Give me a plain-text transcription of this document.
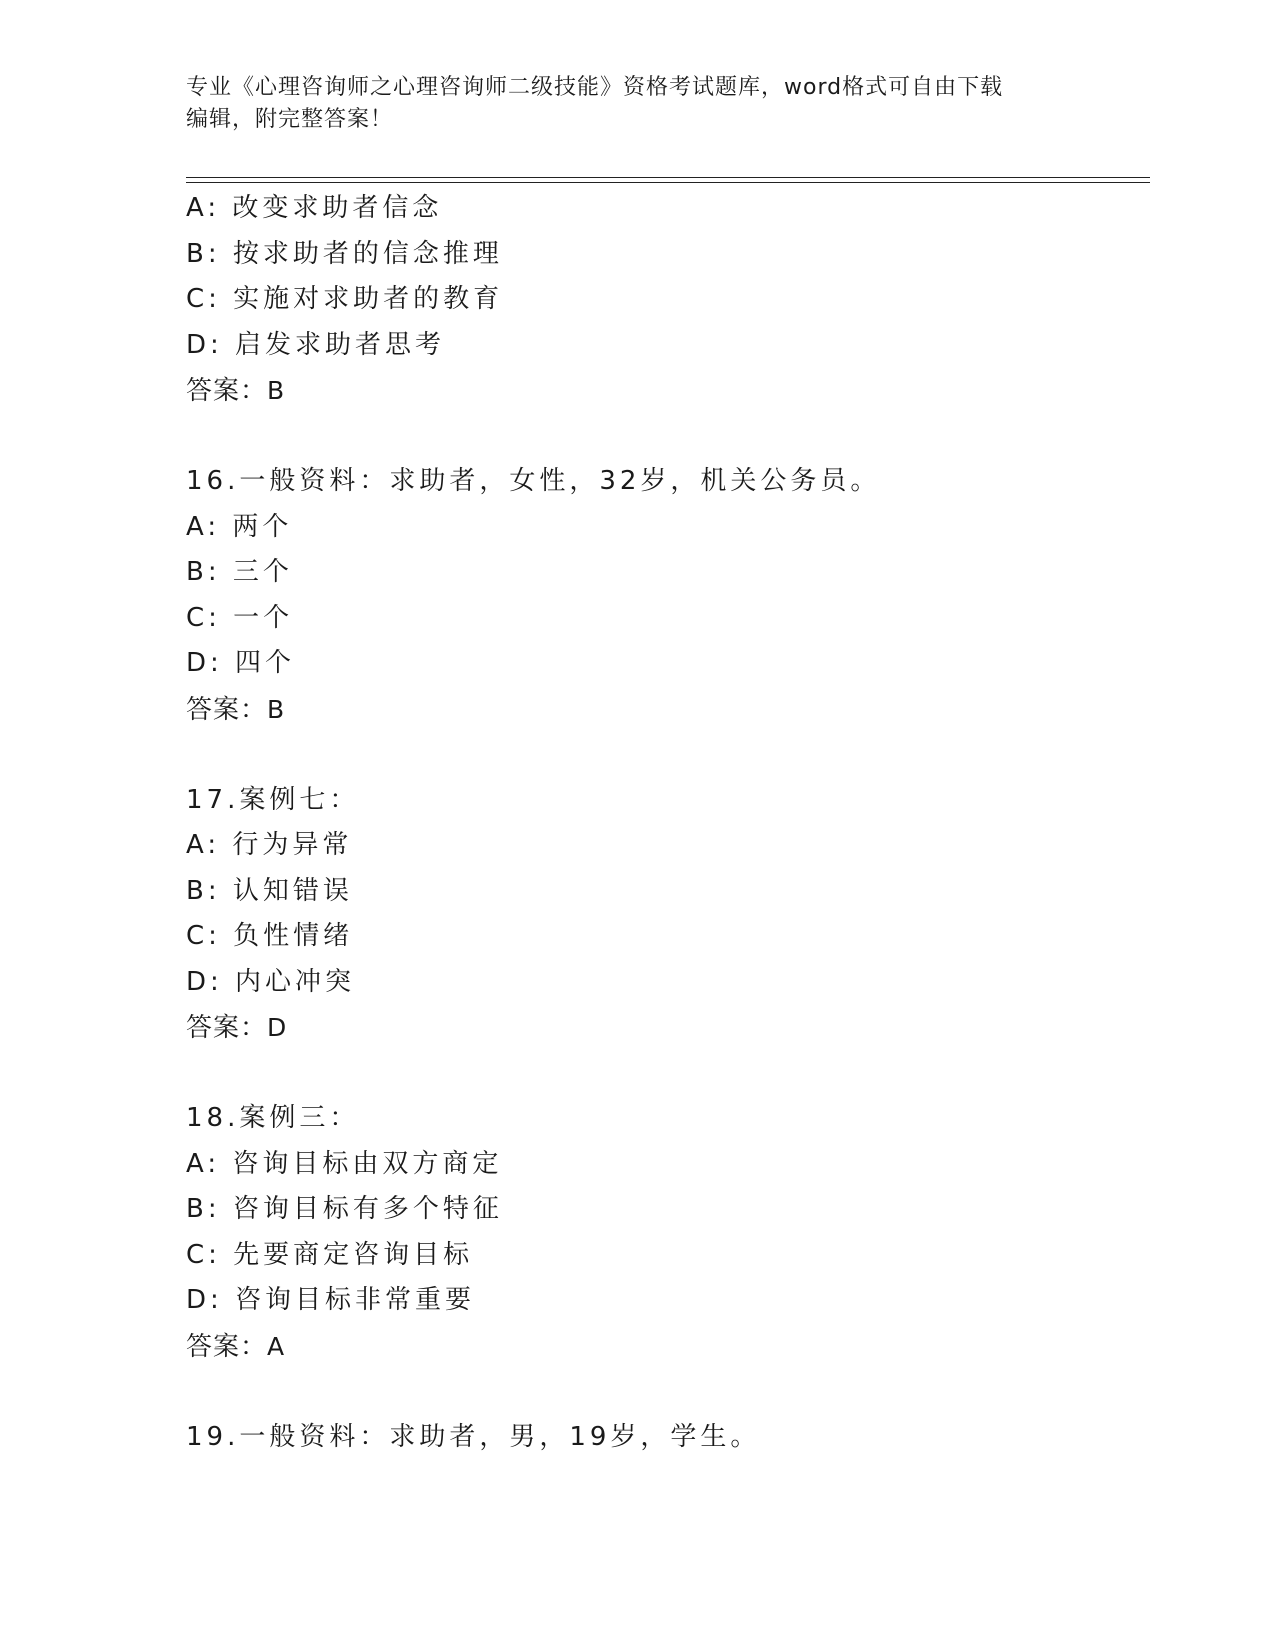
专业《心理咨询师之心理咨询师二级技能》资格考试题库，word格式可自由下载
编辑，附完整答案！
A: 改变求助者信念
B: 按求助者的信念推理
C: 实施对求助者的教育
D: 启发求助者思考
答案：B
16.一般资料：求助者，女性，32岁，机关公务员。
A: 两个
B: 三个
C: 一个
D: 四个
答案：B
17.案例七：
A: 行为异常
B: 认知错误
C: 负性情绪
D: 内心冲突
答案：D
18.案例三：
A: 咨询目标由双方商定
B: 咨询目标有多个特征
C: 先要商定咨询目标
D: 咨询目标非常重要
答案：A
19.一般资料：求助者，男，19岁，学生。
